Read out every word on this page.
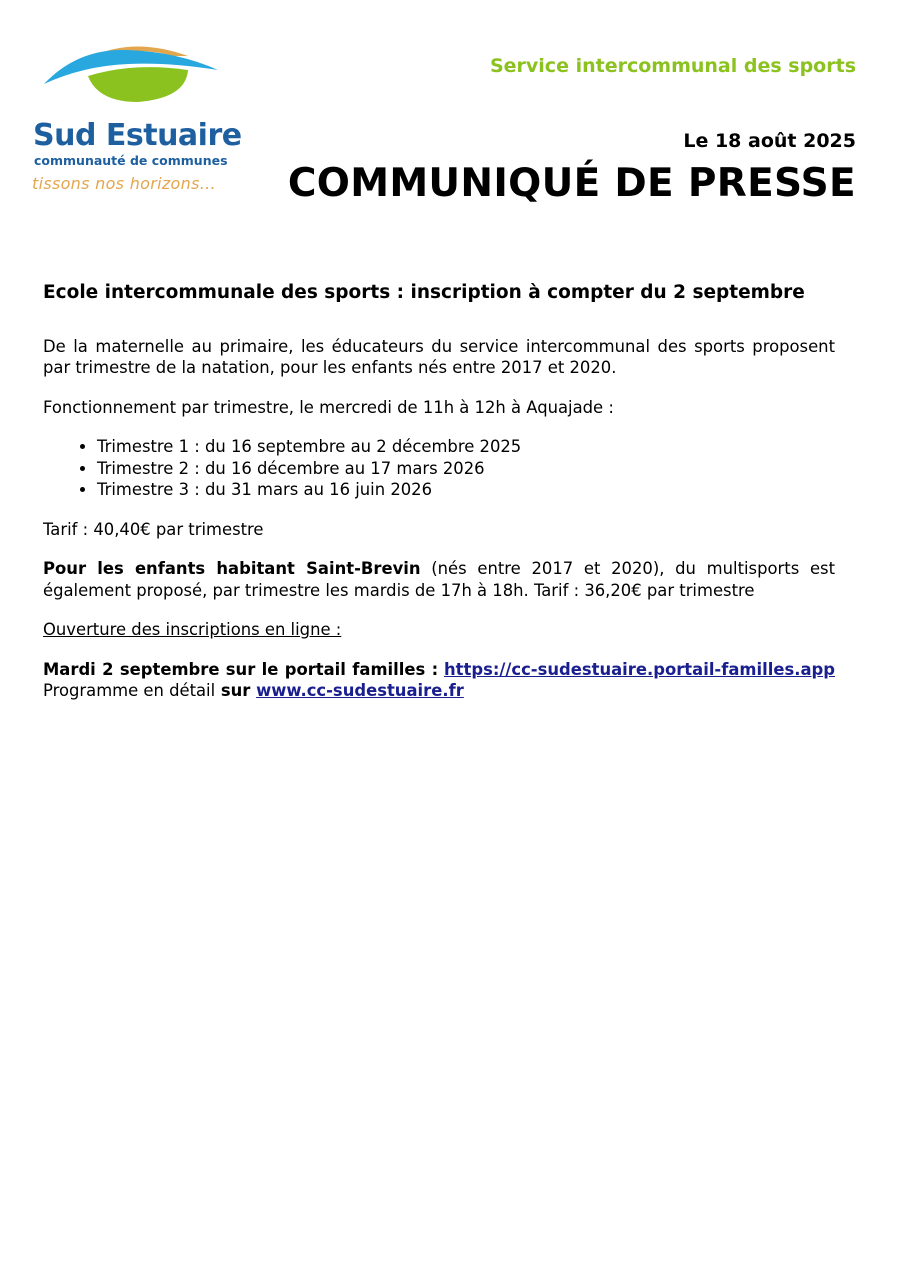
Sud Estuaire
communauté de communes
tissons nos horizons...
Service intercommunal des sports
Le 18 août 2025
COMMUNIQUÉ DE PRESSE
Ecole intercommunale des sports : inscription à compter du 2 septembre

De la maternelle au primaire, les éducateurs du service intercommunal des sports proposent par trimestre de la natation, pour les enfants nés entre 2017 et 2020.

Fonctionnement par trimestre, le mercredi de 11h à 12h à Aquajade :

• Trimestre 1 : du 16 septembre au 2 décembre 2025
• Trimestre 2 : du 16 décembre au 17 mars 2026
• Trimestre 3 : du 31 mars au 16 juin 2026

Tarif : 40,40€ par trimestre

Pour les enfants habitant Saint-Brevin (nés entre 2017 et 2020), du multisports est également proposé, par trimestre les mardis de 17h à 18h. Tarif : 36,20€ par trimestre

Ouverture des inscriptions en ligne :

Mardi 2 septembre sur le portail familles : https://cc-sudestuaire.portail-familles.app
Programme en détail sur www.cc-sudestuaire.fr
